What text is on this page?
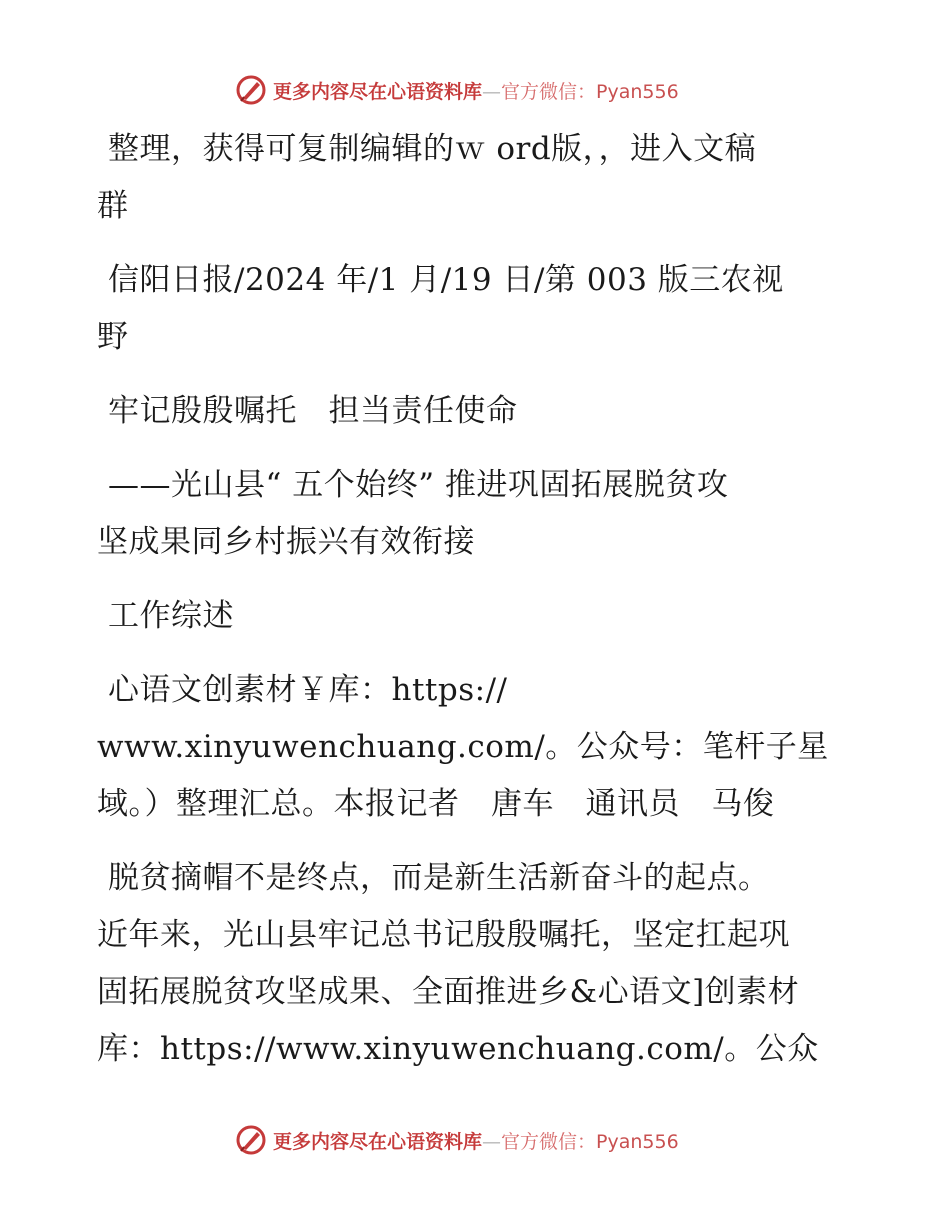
更多内容尽在心语资料库—官方微信：Pyan556
整理，获得可复制编辑的ｗ ord版，，进入文稿
群
信阳日报/2024 年/1 月/19 日/第 003 版三农视
野
牢记殷殷嘱托　担当责任使命
——光山县“ 五个始终” 推进巩固拓展脱贫攻
坚成果同乡村振兴有效衔接
工作综述
心语文创素材￥库：https://
www.xinyuwenchuang.com/。公众号：笔杆子星
域。）整理汇总。本报记者　唐车　通讯员　马俊
脱贫摘帽不是终点，而是新生活新奋斗的起点。
近年来，光山县牢记总书记殷殷嘱托，坚定扛起巩
固拓展脱贫攻坚成果、全面推进乡&心语文]创素材
库：https://www.xinyuwenchuang.com/。公众
更多内容尽在心语资料库—官方微信：Pyan556
